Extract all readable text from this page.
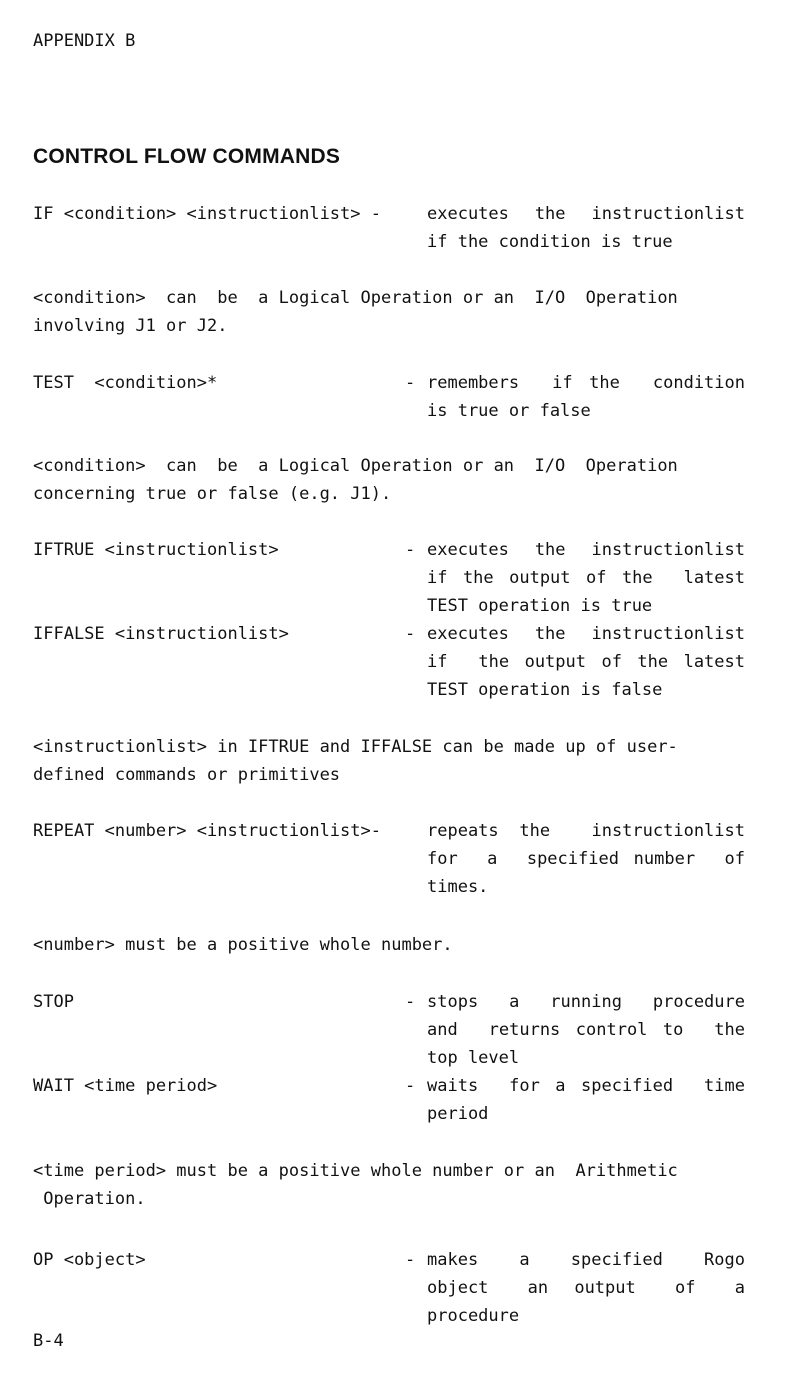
APPENDIX B
CONTROL FLOW COMMANDS
IF <condition> <instructionlist> -	executes the instructionlist
if the condition is true
<condition>  can  be  a Logical Operation or an  I/O  Operation
involving J1 or J2.
TEST  <condition>*	- remembers  if the  condition
is true or false
<condition>  can  be  a Logical Operation or an  I/O  Operation
concerning true or false (e.g. J1).
IFTRUE <instructionlist>	- executes the instructionlist
if the output of the  latest
TEST operation is true
IFFALSE <instructionlist>	- executes the instructionlist
if  the output of the latest
TEST operation is false
<instructionlist> in IFTRUE and IFFALSE can be made up of user-
defined commands or primitives
REPEAT <number> <instructionlist>-	repeats the  instructionlist
for  a  specified number  of
times.
<number> must be a positive whole number.
STOP	- stops  a  running  procedure
and  returns control to  the
top level
WAIT <time period>	- waits  for a specified  time
period
<time period> must be a positive whole number or an  Arithmetic
Operation.
OP <object>	- makes   a   specified   Rogo
object   an  output   of   a
procedure
B-4
